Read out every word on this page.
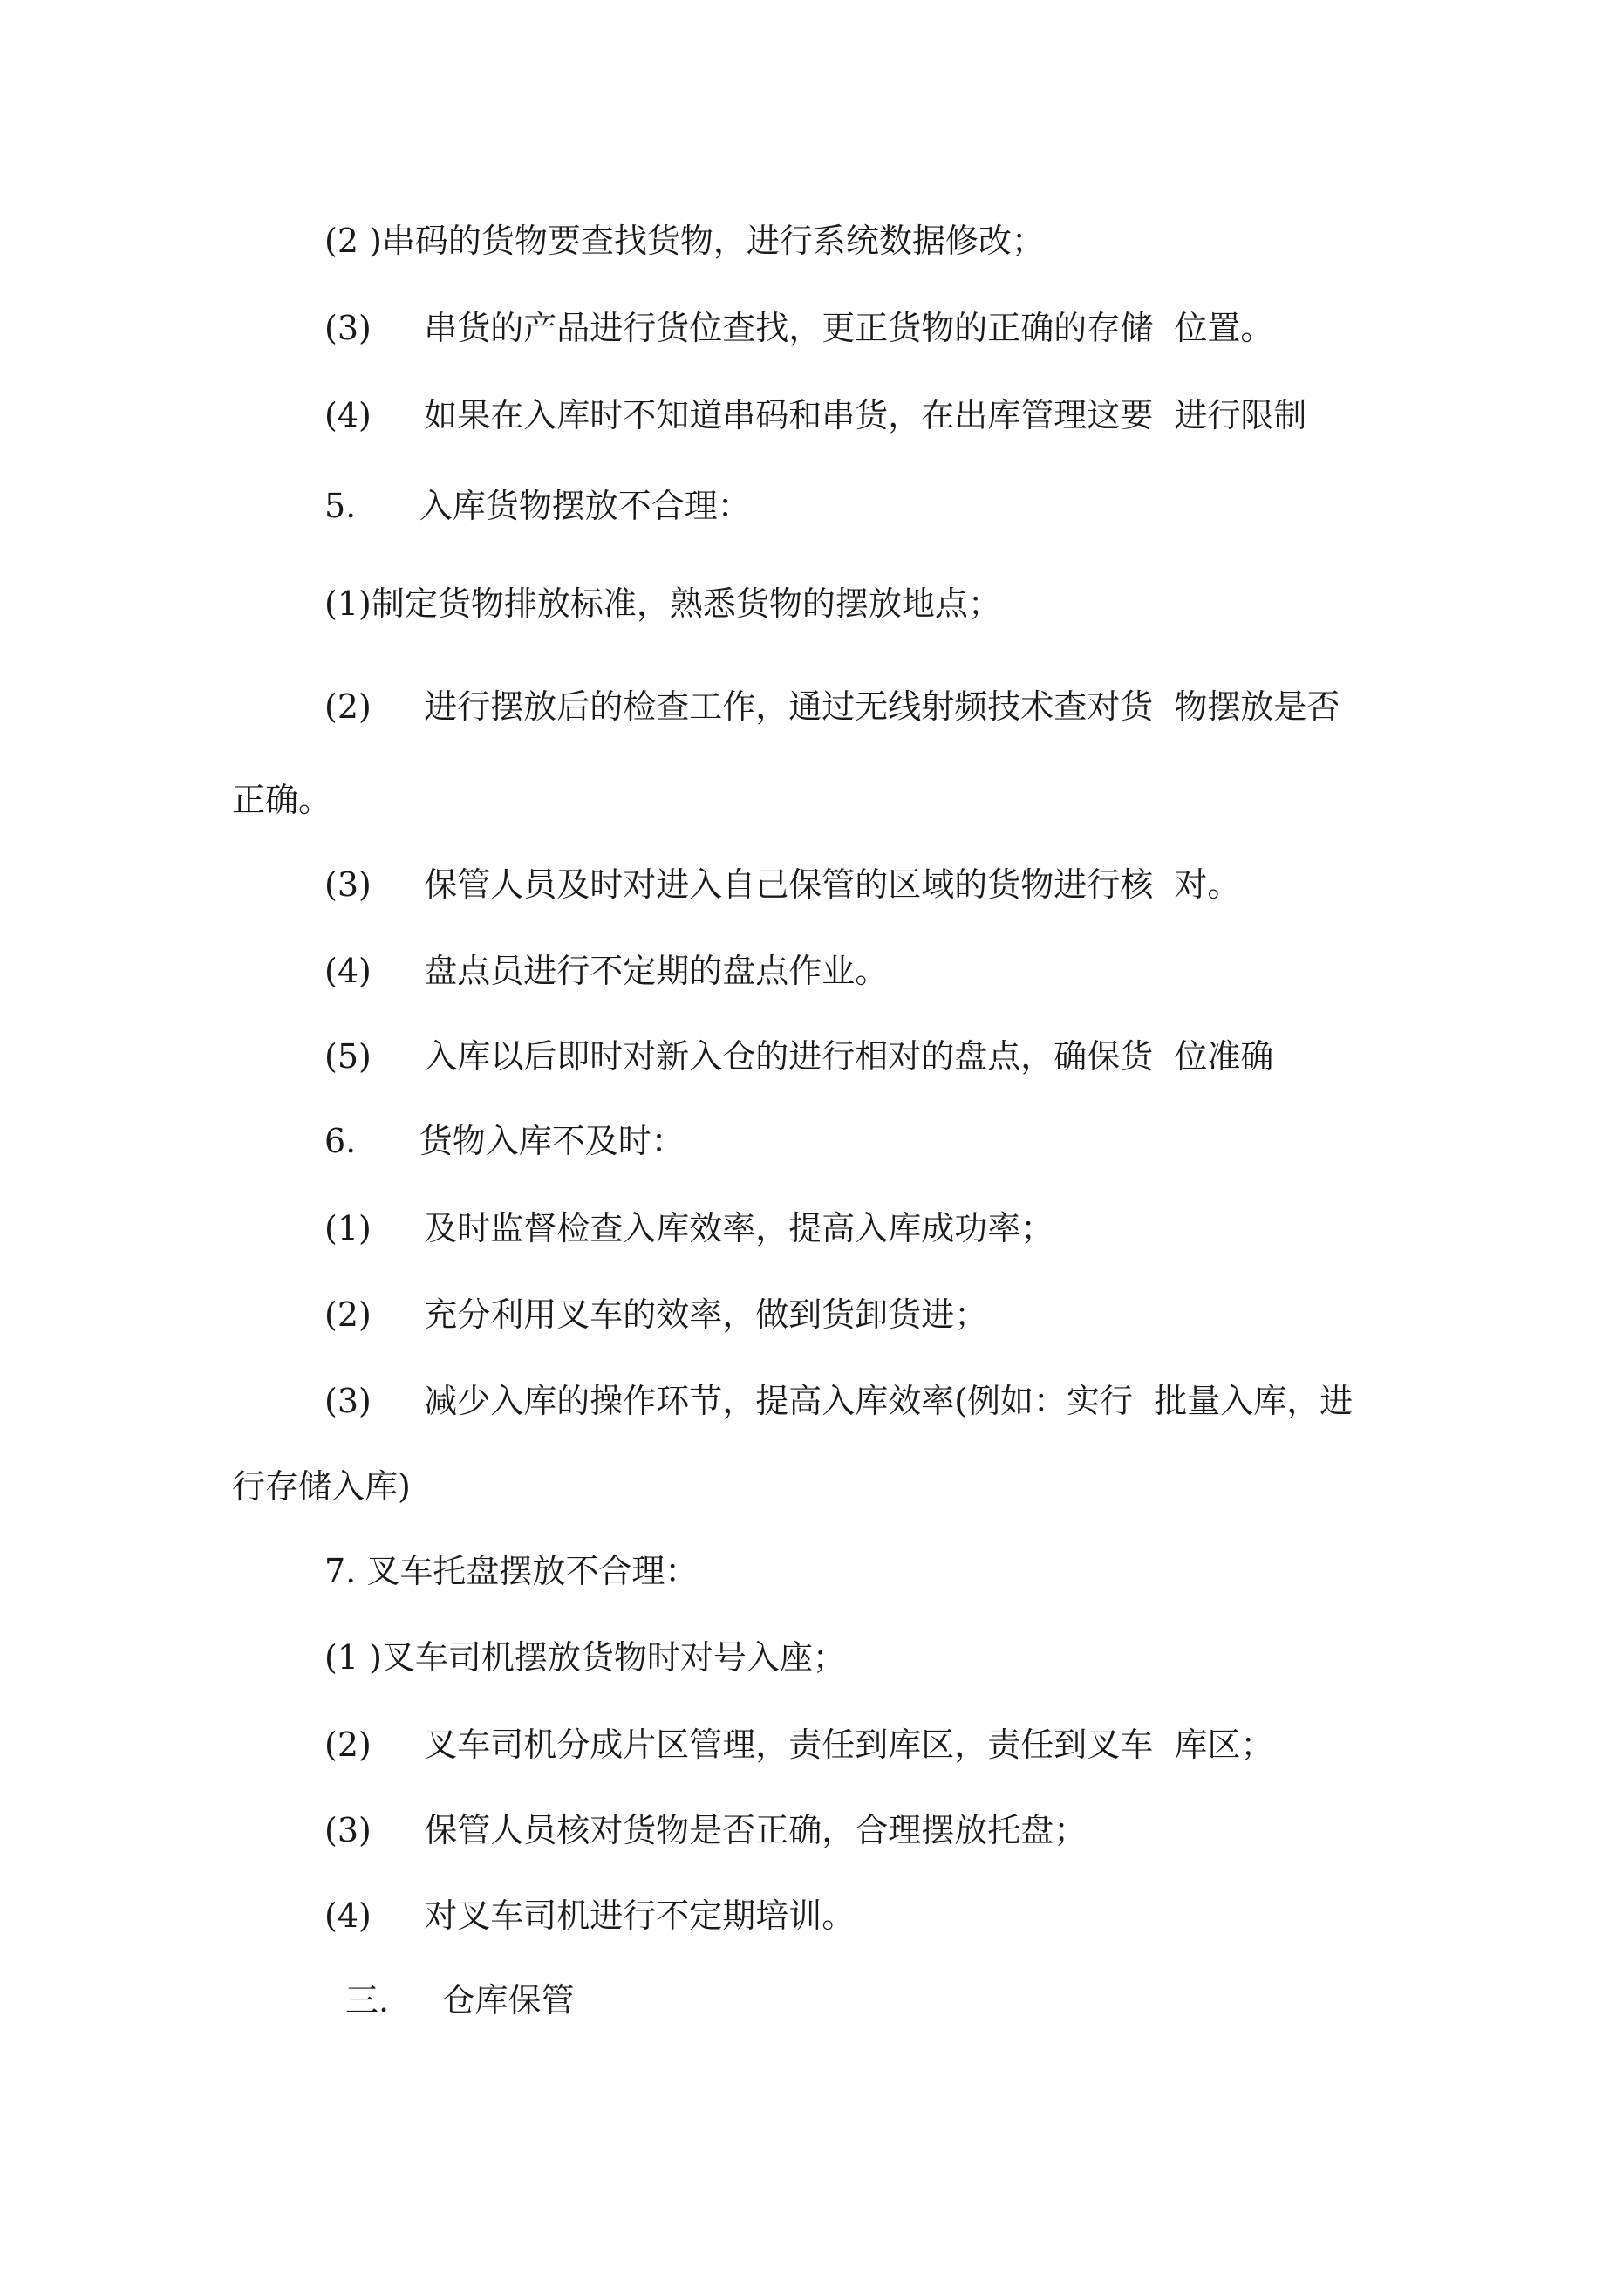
(2 )串码的货物要查找货物，进行系统数据修改；

(3)     串货的产品进行货位查找，更正货物的正确的存储  位置。

(4)     如果在入库时不知道串码和串货，在出库管理这要  进行限制

5.      入库货物摆放不合理：

(1)制定货物排放标准，熟悉货物的摆放地点；

(2)     进行摆放后的检查工作，通过无线射频技术查对货  物摆放是否

正确。

(3)     保管人员及时对进入自己保管的区域的货物进行核  对。

(4)     盘点员进行不定期的盘点作业。

(5)     入库以后即时对新入仓的进行相对的盘点，确保货  位准确

6.      货物入库不及时：

(1)     及时监督检查入库效率，提高入库成功率；

(2)     充分利用叉车的效率，做到货卸货进；

(3)     减少入库的操作环节，提高入库效率(例如：实行  批量入库，进

行存储入库)

7. 叉车托盘摆放不合理：

(1 )叉车司机摆放货物时对号入座；

(2)     叉车司机分成片区管理，责任到库区，责任到叉车  库区；

(3)     保管人员核对货物是否正确，合理摆放托盘；

(4)     对叉车司机进行不定期培训。

三.     仓库保管
